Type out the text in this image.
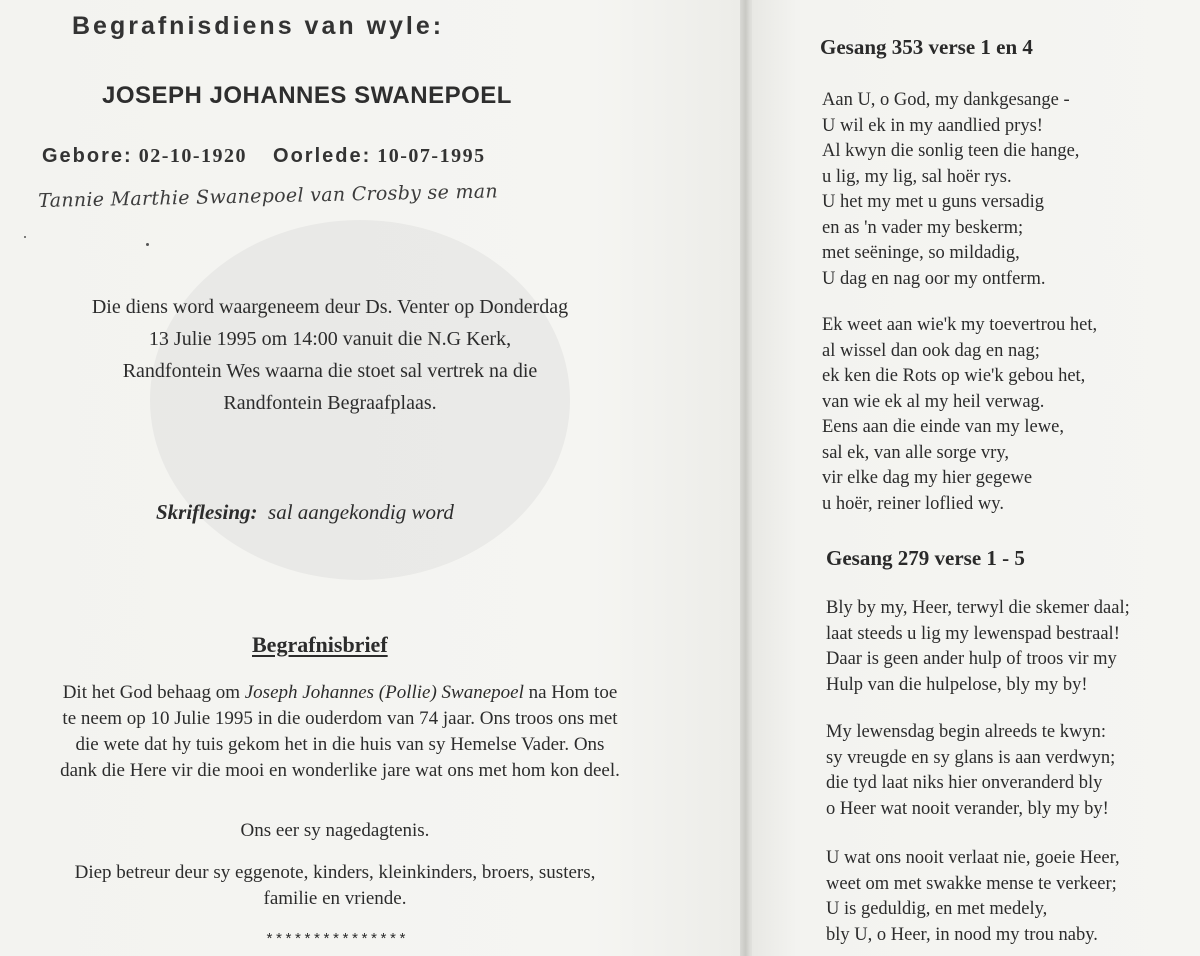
Begrafnisdiens van wyle:

JOSEPH JOHANNES SWANEPOEL

Gebore: 02-10-1920 Oorlede: 10-07-1995

Tannie Marthie Swanepoel van Crosby se man

Die diens word waargeneem deur Ds. Venter op Donderdag
13 Julie 1995 om 14:00 vanuit die N.G Kerk,
Randfontein Wes waarna die stoet sal vertrek na die
Randfontein Begraafplaas.

Skriflesing: sal aangekondig word

Begrafnisbrief

Dit het God behaag om Joseph Johannes (Pollie) Swanepoel na Hom toe
te neem op 10 Julie 1995 in die ouderdom van 74 jaar. Ons troos ons met
die wete dat hy tuis gekom het in die huis van sy Hemelse Vader. Ons
dank die Here vir die mooi en wonderlike jare wat ons met hom kon deel.
Ons eer sy nagedagtenis.
Diep betreur deur sy eggenote, kinders, kleinkinders, broers, susters,
familie en vriende.

***************

Gesang 353 verse 1 en 4

Aan U, o God, my dankgesange -
U wil ek in my aandlied prys!
Al kwyn die sonlig teen die hange,
u lig, my lig, sal hoër rys.
U het my met u guns versadig
en as 'n vader my beskerm;
met seëninge, so mildadig,
U dag en nag oor my ontferm.
Ek weet aan wie'k my toevertrou het,
al wissel dan ook dag en nag;
ek ken die Rots op wie'k gebou het,
van wie ek al my heil verwag.
Eens aan die einde van my lewe,
sal ek, van alle sorge vry,
vir elke dag my hier gegewe
u hoër, reiner loflied wy.

Gesang 279 verse 1 - 5

Bly by my, Heer, terwyl die skemer daal;
laat steeds u lig my lewenspad bestraal!
Daar is geen ander hulp of troos vir my
Hulp van die hulpelose, bly my by!
My lewensdag begin alreeds te kwyn:
sy vreugde en sy glans is aan verdwyn;
die tyd laat niks hier onveranderd bly
o Heer wat nooit verander, bly my by!
U wat ons nooit verlaat nie, goeie Heer,
weet om met swakke mense te verkeer;
U is geduldig, en met medely,
bly U, o Heer, in nood my trou naby.
